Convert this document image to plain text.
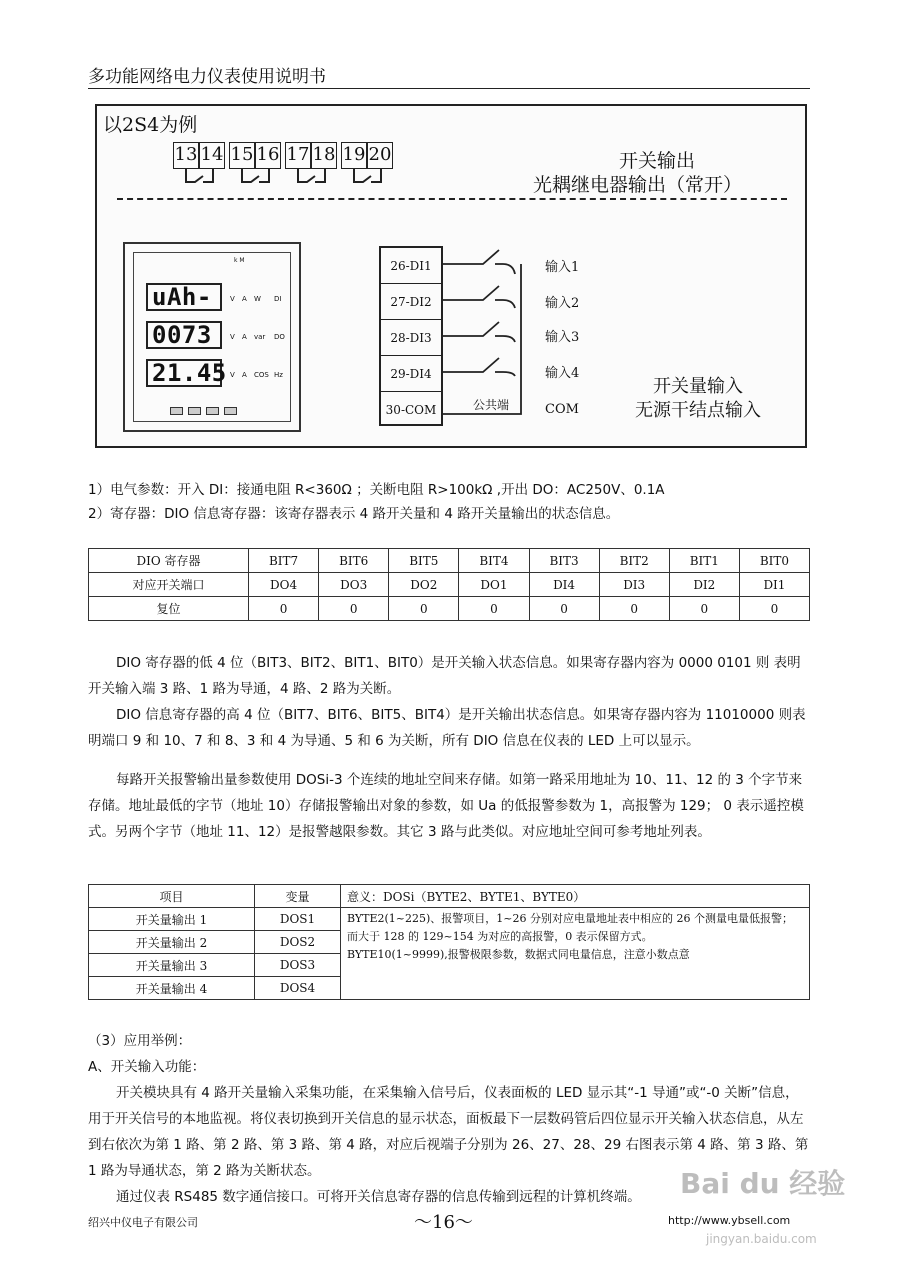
多功能网络电力仪表使用说明书
以2S4为例
13 14 15 16 17 18 19 20	开关输出
光耦继电器输出（常开）
k M
uAh-
0073
21.45
V A W DI
V A var DO
V A COS Hz
26-DI1
27-DI2
28-DI3
29-DI4
30-COM
输入1
输入2
输入3
输入4
公共端	COM
开关量输入
无源干结点输入
1）电气参数：开入 DI：接通电阻 R<360Ω ；关断电阻 R>100kΩ ,开出 DO：AC250V、0.1A
2）寄存器：DIO 信息寄存器：该寄存器表示 4 路开关量和 4 路开关量输出的状态信息。
DIO 寄存器	BIT7	BIT6	BIT5	BIT4	BIT3	BIT2	BIT1	BIT0
对应开关端口	DO4	DO3	DO2	DO1	DI4	DI3	DI2	DI1
复位	0	0	0	0	0	0	0	0
DIO 寄存器的低 4 位（BIT3、BIT2、BIT1、BIT0）是开关输入状态信息。如果寄存器内容为 0000 0101 则 表明开关输入端 3 路、1 路为导通，4 路、2 路为关断。
DIO 信息寄存器的高 4 位（BIT7、BIT6、BIT5、BIT4）是开关输出状态信息。如果寄存器内容为 11010000 则表明端口 9 和 10、7 和 8、3 和 4 为导通、5 和 6 为关断，所有 DIO 信息在仪表的 LED 上可以显示。
每路开关报警输出量参数使用 DOSi-3 个连续的地址空间来存储。如第一路采用地址为 10、11、12 的 3 个字节来存储。地址最低的字节（地址 10）存储报警输出对象的参数，如 Ua 的低报警参数为 1，高报警为 129； 0 表示遥控模式。另两个字节（地址 11、12）是报警越限参数。其它 3 路与此类似。对应地址空间可参考地址列表。
项目	变量	意义：DOSi（BYTE2、BYTE1、BYTE0）
开关量输出 1	DOS1	BYTE2(1~225)、报警项目，1~26 分别对应电量地址表中相应的 26 个测量电量低报警；而大于 128 的 129~154 为对应的高报警，0 表示保留方式。
BYTE10(1~9999),报警极限参数，数据式同电量信息，注意小数点意

开关量输出 2	DOS2	
开关量输出 3	DOS3	
开关量输出 4	DOS4	
（3）应用举例：
A、开关输入功能：
开关模块具有 4 路开关量输入采集功能，在采集输入信号后，仪表面板的 LED 显示其“-1 导通”或“-0 关断”信息，用于开关信号的本地监视。将仪表切换到开关信息的显示状态，面板最下一层数码管后四位显示开关输入状态信息，从左到右依次为第 1 路、第 2 路、第 3 路、第 4 路，对应后视端子分别为 26、27、28、29 右图表示第 4 路、第 3 路、第 1 路为导通状态，第 2 路为关断状态。
通过仪表 RS485 数字通信接口。可将开关信息寄存器的信息传输到远程的计算机终端。	Bai du 经验
jingyan.baidu.com
绍兴中仪电子有限公司	～16～	http://www.ybsell.com
